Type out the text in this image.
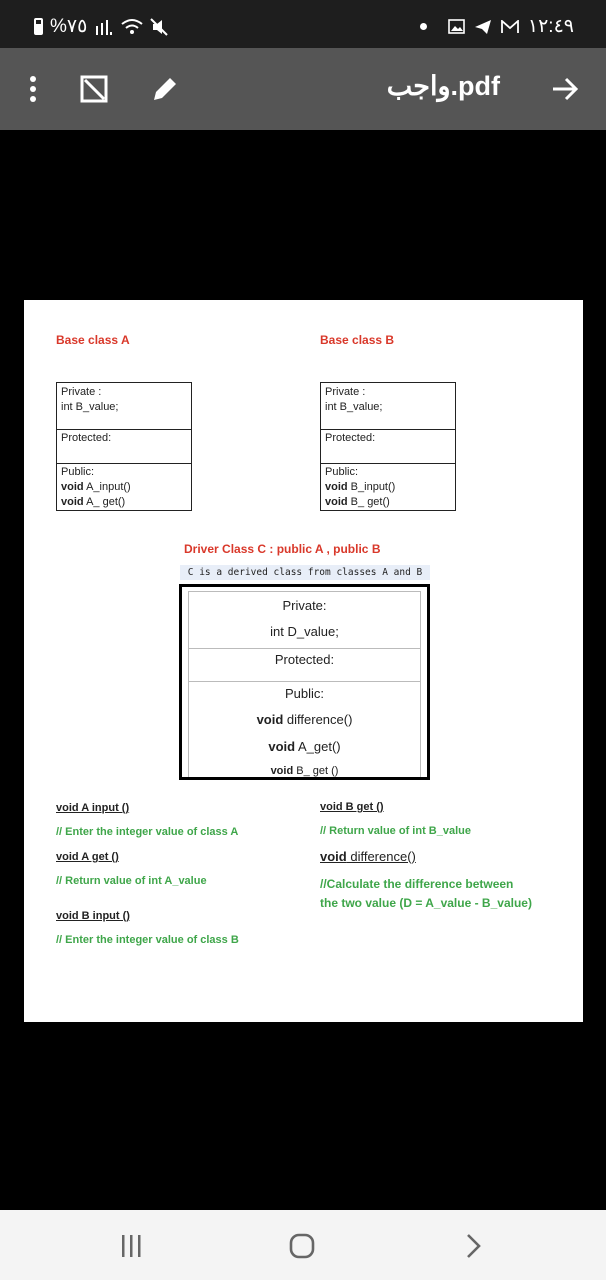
%٧٥	١٢:٤٩
واجب.pdf
Base class A
Private :
int B_value;
Protected:
Public:
void A_input()
void A_ get()
Base class B
Private :
int B_value;
Protected:
Public:
void B_input()
void B_ get()
Driver Class C : public A , public B
C is a derived class from classes A and B
Private:
int D_value;
Protected:
Public:
void difference()
void A_get()
void B_ get ()
void A input ()
// Enter the integer value of class A
void A get ()
// Return value of int A_value
void B input ()
// Enter the integer value of class B
void B get ()
// Return value of int B_value
void difference()
//Calculate the difference between
the two value (D = A_value - B_value)
